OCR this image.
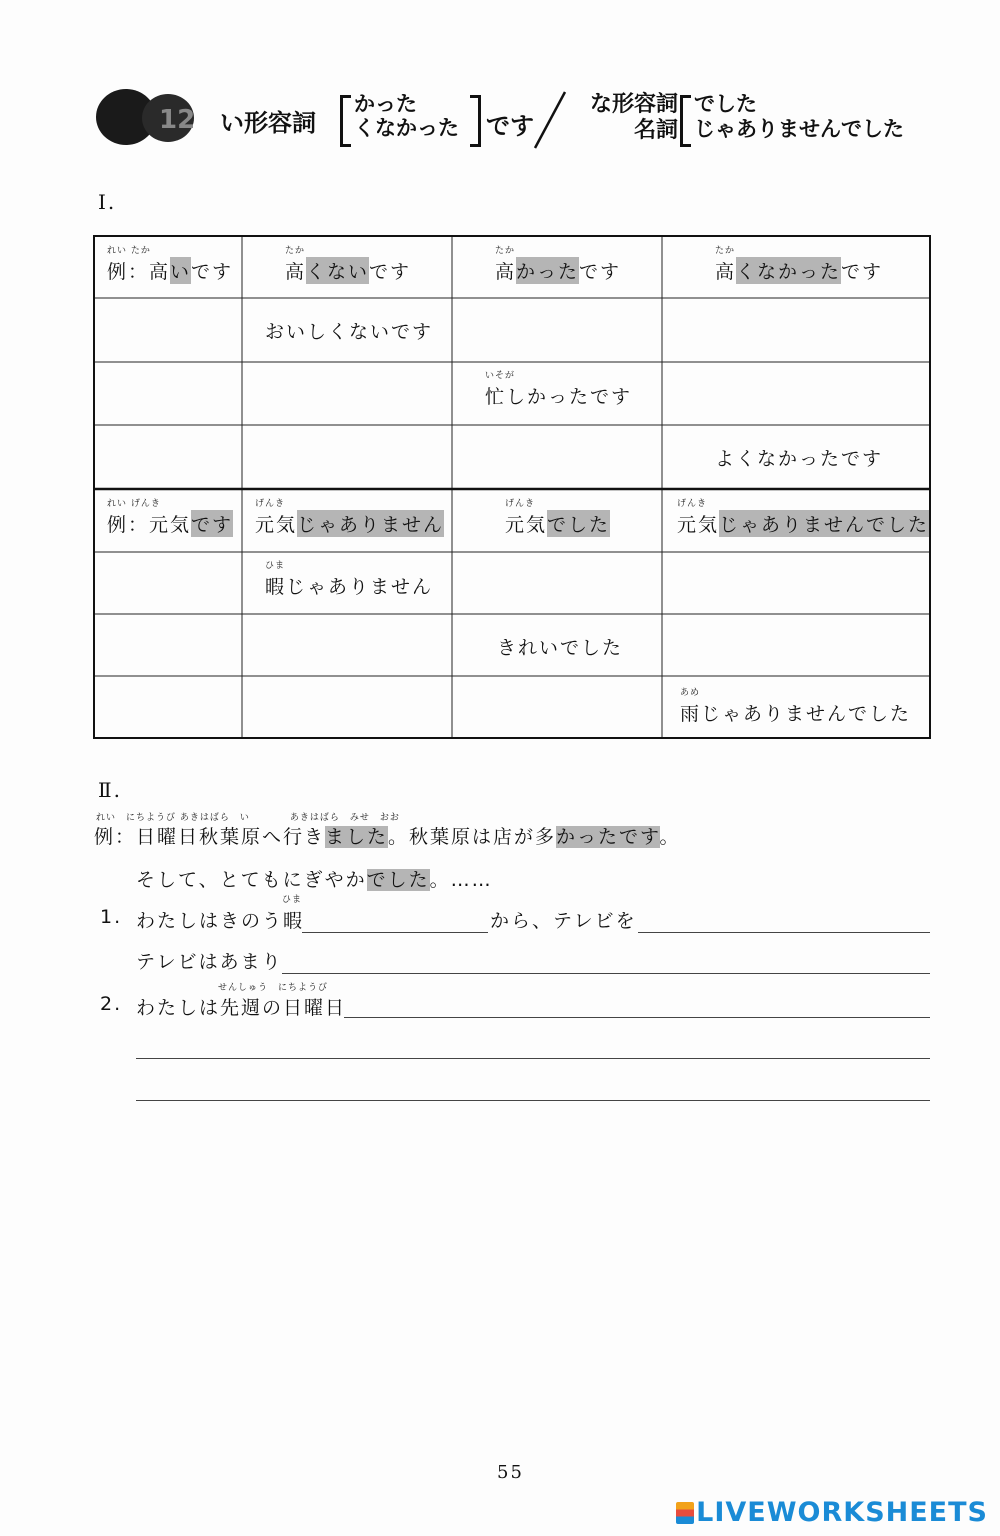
12 い形容詞
かった
くなかった です
な形容詞
名詞
でした
じゃありませんでした
Ⅰ.
れい たか
例：高 い です
たか
高 くない です
たか
高 かった です
たか
高 くなかった です
おいしくないです
いそが
忙しかったです
よくなかったです
れい げんき
例：元気 です
げんき
元気 じゃありません
げんき
元気 でした
げんき
元気 じゃありませんでした
ひま
暇じゃありません
きれいでした
あめ
雨じゃありませんでした
Ⅱ.
れい　にちようび あきはばら　い　　　　あきはばら　みせ　おお
例：日曜日秋葉原へ行きました。秋葉原は店が多かったです。
そして、とてもにぎやかでした。……
1.
ひま
わたしはきのう暇	から、テレビを
テレビはあまり
2.
せんしゅう　にちようび
わたしは先週の日曜日
55
LIVEWORKSHEETS
